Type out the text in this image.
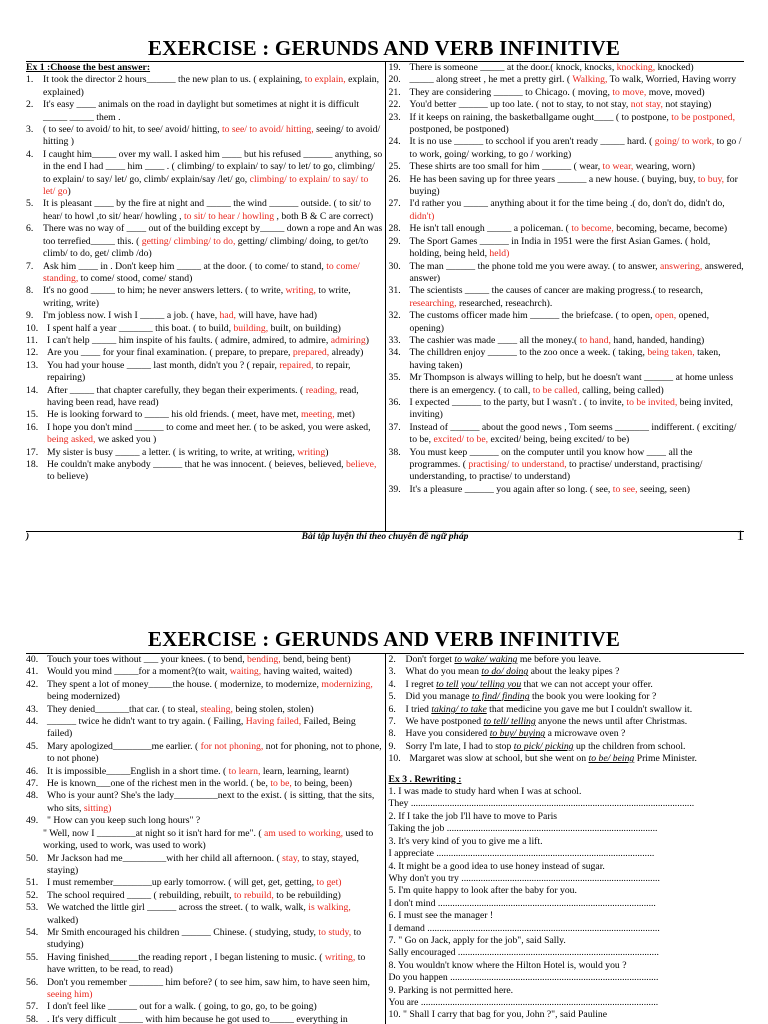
EXERCISE : GERUNDS AND VERB INFINITIVE
Ex 1 :Choose the best answer:
1.	It took the director 2 hours______ the new plan to us. ( explaining, to explain, explain, explained)
2.	It's easy ____ animals on the road in daylight but sometimes at night it is difficult _____ _____ them .
3.	( to see/ to avoid/ to hit, to see/ avoid/ hitting, to see/ to avoid/ hitting, seeing/ to avoid/ hitting )
4.	I caught him_____ over my wall. I asked him ____ but his refused ______ anything, so in the end I had ____ him ____ . ( climbing/ to explain/ to say/ to let/ to go, climbing/ to explain/ to say/ let/ go, climb/ explain/say /let/ go, climbing/ to explain/ to say/ to let/ go)
5.	It is pleasant ____ by the fire at night and _____ the wind ______ outside. ( to sit/ to hear/ to howl ,to sit/ hear/ howling , to sit/ to hear / howling , both B & C are correct)
6.	There was no way of ____ out of the building except by_____ down a rope and An was too terrefied_____ this. ( getting/ climbing/ to do, getting/ climbing/ doing, to get/to climb/ to do, get/ climb /do)
7.	Ask him ____ in . Don't keep him _____ at the door. ( to come/ to stand, to come/ standing, to come/ stood, come/ stand)
8.	It's no good _____ to him; he never answers letters. ( to write, writing, to write, writing, write)
9.	I'm jobless now. I wish I _____ a job. ( have, had, will have, have had)
10. I spent half a year _______ this boat. ( to build, building, built, on building)
11. I can't help _____ him inspite of his faults. ( admire, admired, to admire, admiring)
12. Are you ____ for your final examination. ( prepare, to prepare, prepared, already)
13. You had your house _____ last month, didn't you ? ( repair, repaired, to repair, repairing)
14. After _____ that chapter carefully, they began their experiments. ( reading, read, having been read, have read)
15. He is looking forward to _____ his old friends. ( meet, have met, meeting, met)
16. I hope you don't mind ______ to come and meet her. ( to be asked, you were asked, being asked, we asked you )
17. My sister is busy _____ a letter. ( is writing, to write, at writing, writing)
18. He couldn't make anybody ______ that he was innocent. ( beieves, believed, believe, to believe)
19. There is someone _____ at the door.( knock, knocks, knocking, knocked)
20. _____ along street , he met a pretty girl. ( Walking, To walk, Worried, Having worry
21. They are considering ______ to Chicago. ( moving, to move, move, moved)
22. You'd better ______ up too late. ( not to stay, to not stay, not stay, not staying)
23. If it keeps on raining, the basketballgame ought____ ( to postpone, to be postponed, postponed, be postponed)
24. It is no use ______ to scchool if you aren't ready _____ hard. ( going/ to work, to go / to work, going/ working, to go / working)
25. These shirts are too small for him ______ ( wear, to wear, wearing, worn)
26. He has been saving up for three years ______ a new house. ( buying, buy, to buy, for buying)
27. I'd rather you _____ anything about it for the time being .( do, don't do, didn't do, didn't)
28. He isn't tall enough _____ a policeman. ( to become, becoming, became, become)
29. The Sport Games ______ in India in 1951 were the first Asian Games. ( hold, holding, being held, held)
30. The man ______ the phone told me you were away. ( to answer, answering, answered, answer)
31. The scientists _____ the causes of cancer are making progress.( to research, researching, researched, reseachrch).
32. The customs officer made him ______ the briefcase. ( to open, open, opened, opening)
33. The cashier was made ____ all the money.( to hand, hand, handed, handing)
34. The chilldren enjoy ______ to the zoo once a week. ( taking, being taken, taken, having taken)
35. Mr Thompson is always willing to help, but he doesn't want ______ at home unless there is an emergency. ( to call, to be called, calling, being called)
36. I expected ______ to the party, but I wasn't . ( to invite, to be invited, being invited, inviting)
37. Instead of ______ about the good news , Tom seems _______ indifferent. ( exciting/ to be, excited/ to be, excited/ being, being excited/ to be)
38. You must keep ______ on the computer until you know how ____ all the programmes. ( practising/ to understand, to practise/ understand, practising/ understanding, to practise/ to understand)
39. It's a pleasure ______ you again after so long. ( see, to see, seeing, seen)
)	Bài tập luyện thi theo chuyên đề ngữ pháp	1
EXERCISE : GERUNDS AND VERB INFINITIVE
40. Touch your toes without ___ your knees. ( to bend, bending, bend, being bent)
41. Would you mind _____for a moment?(to wait, waiting, having waited, waited)
42. They spent a lot of money_____the house. ( modernize, to modernize, modernizing, being modernized)
43. They denied_______that car. ( to steal, stealing, being stolen, stolen)
44. ______ twice he didn't want to try again. ( Failing, Having failed, Failed, Being failed)
45. Mary apologized________me earlier. ( for not phoning, not for phoning, not to phone, to not phone)
46. It is impossible_____English in a short time. ( to learn, learn, learning, learnt)
47. He is known___one of the richest men in the world. ( be, to be, to being, been)
48. Who is your aunt? She's the lady_________next to the exist. ( is sitting, that the sits, who sits, sitting)
49. " How can you keep such long hours" ?
" Well, now I ________at night so it isn't hard for me". ( am used to working, used to working, used to work, was used to work)
50. Mr Jackson had me_________with her child all afternoon. ( stay, to stay, stayed, staying)
51. I must remember________up early tomorrow. ( will get, get, getting, to get)
52. The school required _____ ( rebuilding, rebuilt, to rebuild, to be rebuilding)
53. We watched the little girl ______ across the street. ( to walk, walk, is walking, walked)
54. Mr Smith encouraged his children ______ Chinese. ( studying, study, to study, to studying)
55. Having finished______the reading report , I began listening to music. ( writing, to have written, to be read, to read)
56. Don't you remember _______ him before? ( to see him, saw him, to have seen him, seeing him)
57. I don't feel like ______ out for a walk. ( going, to go, go, to be going)
58. . It's very difficult _____ with him because he got used to_____ everything in
2.	Don't forget to wake/ waking me before you leave.
3.	What do you mean to do/ doing about the leaky pipes ?
4.	I regret to tell you/ telling you that we can not accept your offer.
5.	Did you manage to find/ finding the book you were looking for ?
6.	I tried taking/ to take that medicine you gave me but I couldn't swallow it.
7.	We have postponed to tell/ telling anyone the news until after Christmas.
8.	Have you considered to buy/ buying a microwave oven ?
9.	Sorry I'm late, I had to stop to pick/ picking up the children from school.
10. Margaret was slow at school, but she went on to be/ being Prime Minister.
Ex 3 . Rewriting :
1. I was made to study hard when I was at school.
They .....................................................................................................................
2. If I take the job I'll have to move to Paris
Taking the job .......................................................................................
3. It's very kind of you to give me a lift.
I appreciate ..........................................................................................
4. It might be a good idea to use honey instead of sugar.
Why don't you try ..................................................................................
5. I'm quite happy to look after the baby for you.
I don't mind ..........................................................................................
6. I must see the manager !
I demand ................................................................................................
7. " Go on Jack, apply for the job", said Sally.
Sally encouraged ...................................................................................
8. You wouldn't know where the Hilton Hotel is, would you ?
Do you happen ......................................................................................
9. Parking is not permitted here.
You are ..................................................................................................
10. " Shall I carry that bag for you, John ?", said Pauline
